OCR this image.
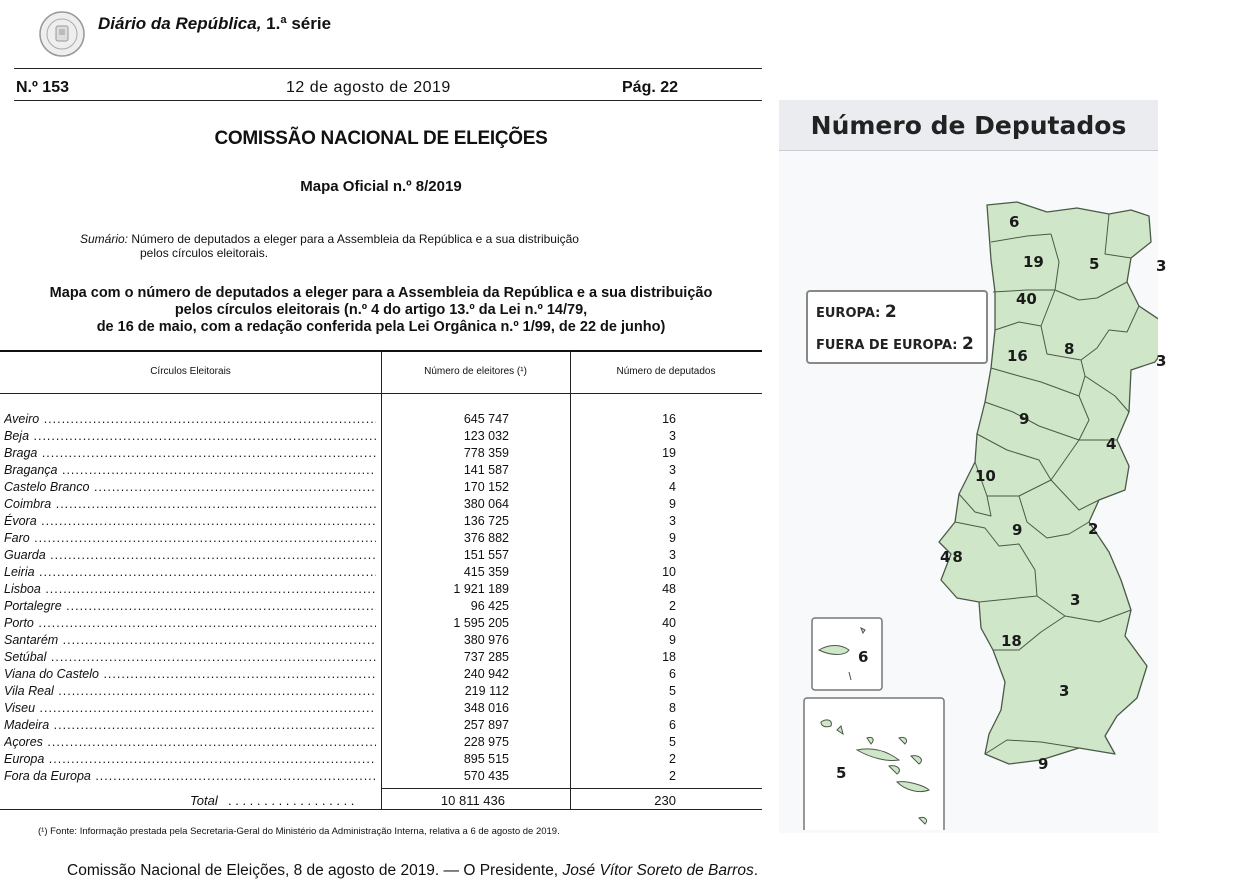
Diário da República, 1.ª série
N.º 153	12 de agosto de 2019	Pág. 22
COMISSÃO NACIONAL DE ELEIÇÕES
Mapa Oficial n.º 8/2019
Sumário: Número de deputados a eleger para a Assembleia da República e a sua distribuição
pelos círculos eleitorais.
Mapa com o número de deputados a eleger para a Assembleia da República e a sua distribuição
pelos círculos eleitorais (n.º 4 do artigo 13.º da Lei n.º 14/79,
de 16 de maio, com a redação conferida pela Lei Orgânica n.º 1/99, de 22 de junho)
Círculos Eleitorais	Número de eleitores (¹)	Número de deputados
Aveiro .....	645 747	16
Beja .....	123 032	3
Braga .....	778 359	19
Bragança .....	141 587	3
Castelo Branco .....	170 152	4
Coimbra .....	380 064	9
Évora .....	136 725	3
Faro .....	376 882	9
Guarda .....	151 557	3
Leiria .....	415 359	10
Lisboa .....	1 921 189	48
Portalegre .....	96 425	2
Porto .....	1 595 205	40
Santarém .....	380 976	9
Setúbal .....	737 285	18
Viana do Castelo .....	240 942	6
Vila Real .....	219 112	5
Viseu .....	348 016	8
Madeira .....	257 897	6
Açores .....	228 975	5
Europa .....	895 515	2
Fora da Europa .....	570 435	2
Total . . . . . . . . . . . . . . . . . .	10 811 436	230
(¹) Fonte: Informação prestada pela Secretaria-Geral do Ministério da Administração Interna, relativa a 6 de agosto de 2019.
Comissão Nacional de Eleições, 8 de agosto de 2019. — O Presidente, José Vítor Soreto de Barros.
Número de Deputados
EUROPA: 2
FUERA DE EUROPA: 2
6
19	5	3
40
16 8
3
9
4
10
9	2
48
3
18
3
9
6
5
